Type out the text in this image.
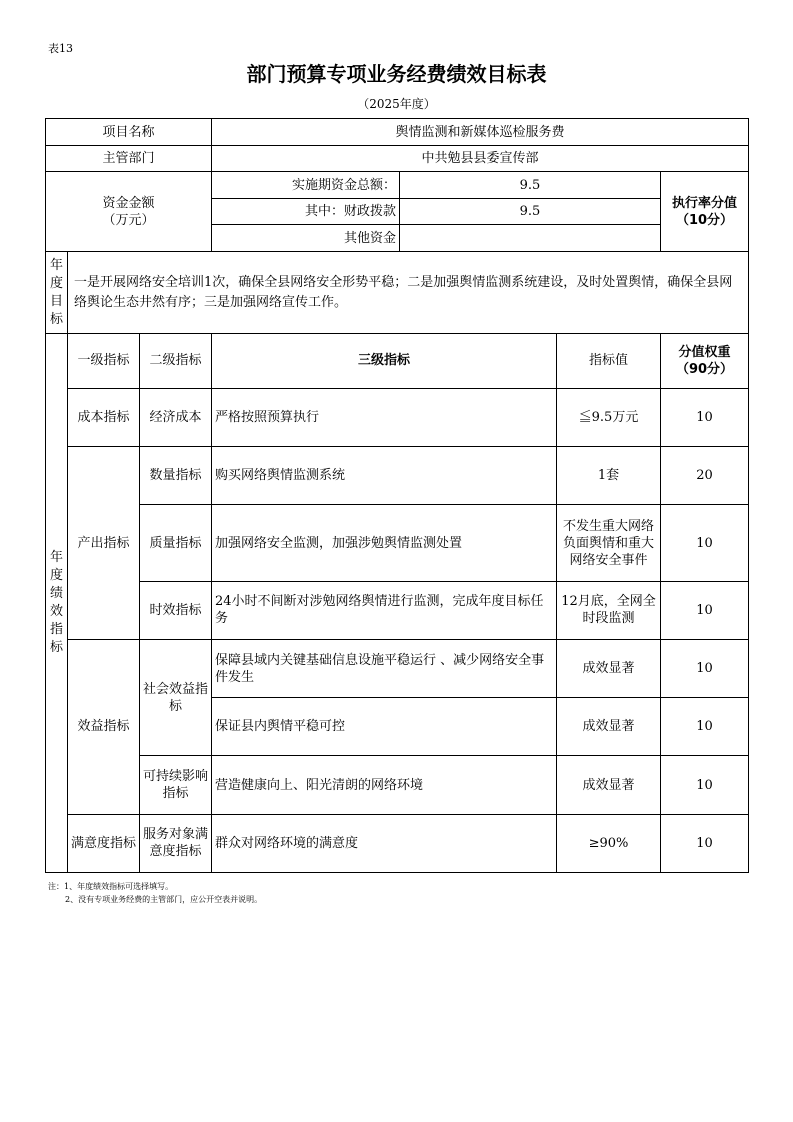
表13
部门预算专项业务经费绩效目标表
（2025年度）
项目名称			舆情监测和新媒体巡检服务费			
主管部门			中共勉县县委宣传部			
资金金额
（万元）			实施期资金总额：	9.5		执行率分值
（10分）
			其中：财政拨款	9.5		
			其他资金			
年度目标	一是开展网络安全培训1次，确保全县网络安全形势平稳；二是加强舆情监测系统建设，及时处置舆情，确保全县网络舆论生态井然有序；三是加强网络宣传工作。					
年度绩效指标	一级指标	二级指标	三级指标		指标值	分值权重
（90分）
	成本指标	经济成本	严格按照预算执行		≦9.5万元	10
	产出指标	数量指标	购买网络舆情监测系统		1套	20
		质量指标	加强网络安全监测，加强涉勉舆情监测处置		不发生重大网络负面舆情和重大网络安全事件	10
		时效指标	24小时不间断对涉勉网络舆情进行监测，完成年度目标任务		12月底，全网全时段监测	10
	效益指标	社会效益指标	保障县域内关键基础信息设施平稳运行 、减少网络安全事件发生		成效显著	10
			保证县内舆情平稳可控		成效显著	10
		可持续影响指标	营造健康向上、阳光清朗的网络环境		成效显著	10
	满意度指标	服务对象满意度指标	群众对网络环境的满意度		≥90%	10
注：1、年度绩效指标可选择填写。
2、没有专项业务经费的主管部门，应公开空表并说明。
